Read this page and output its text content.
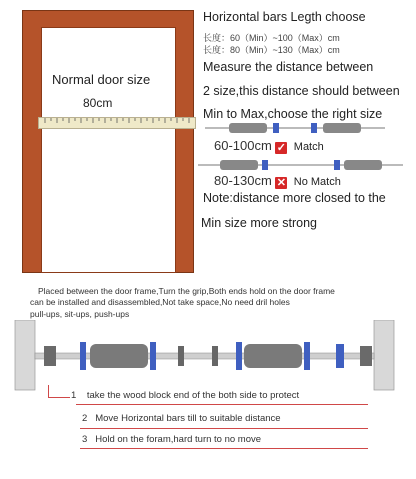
Normal door size
80cm
Horizontal bars Legth choose
长度：60（Min）~100（Max）cm
长度：80（Min）~130（Max）cm
Measure the distance between
2 size,this distance should between
Min to Max,choose the right size
60-100cm ✓ Match
80-130cm ✕ No Match
Note:distance more closed to the
Min size more strong
Placed between the door frame,Turn the grip,Both ends hold on the door frame
can be installed and disassembled,Not take space,No need dril holes
pull-ups, sit-ups, push-ups
1 take the wood block end of the both side to protect
2 Move Horizontal bars till to suitable distance
3 Hold on the foram,hard turn to no move
